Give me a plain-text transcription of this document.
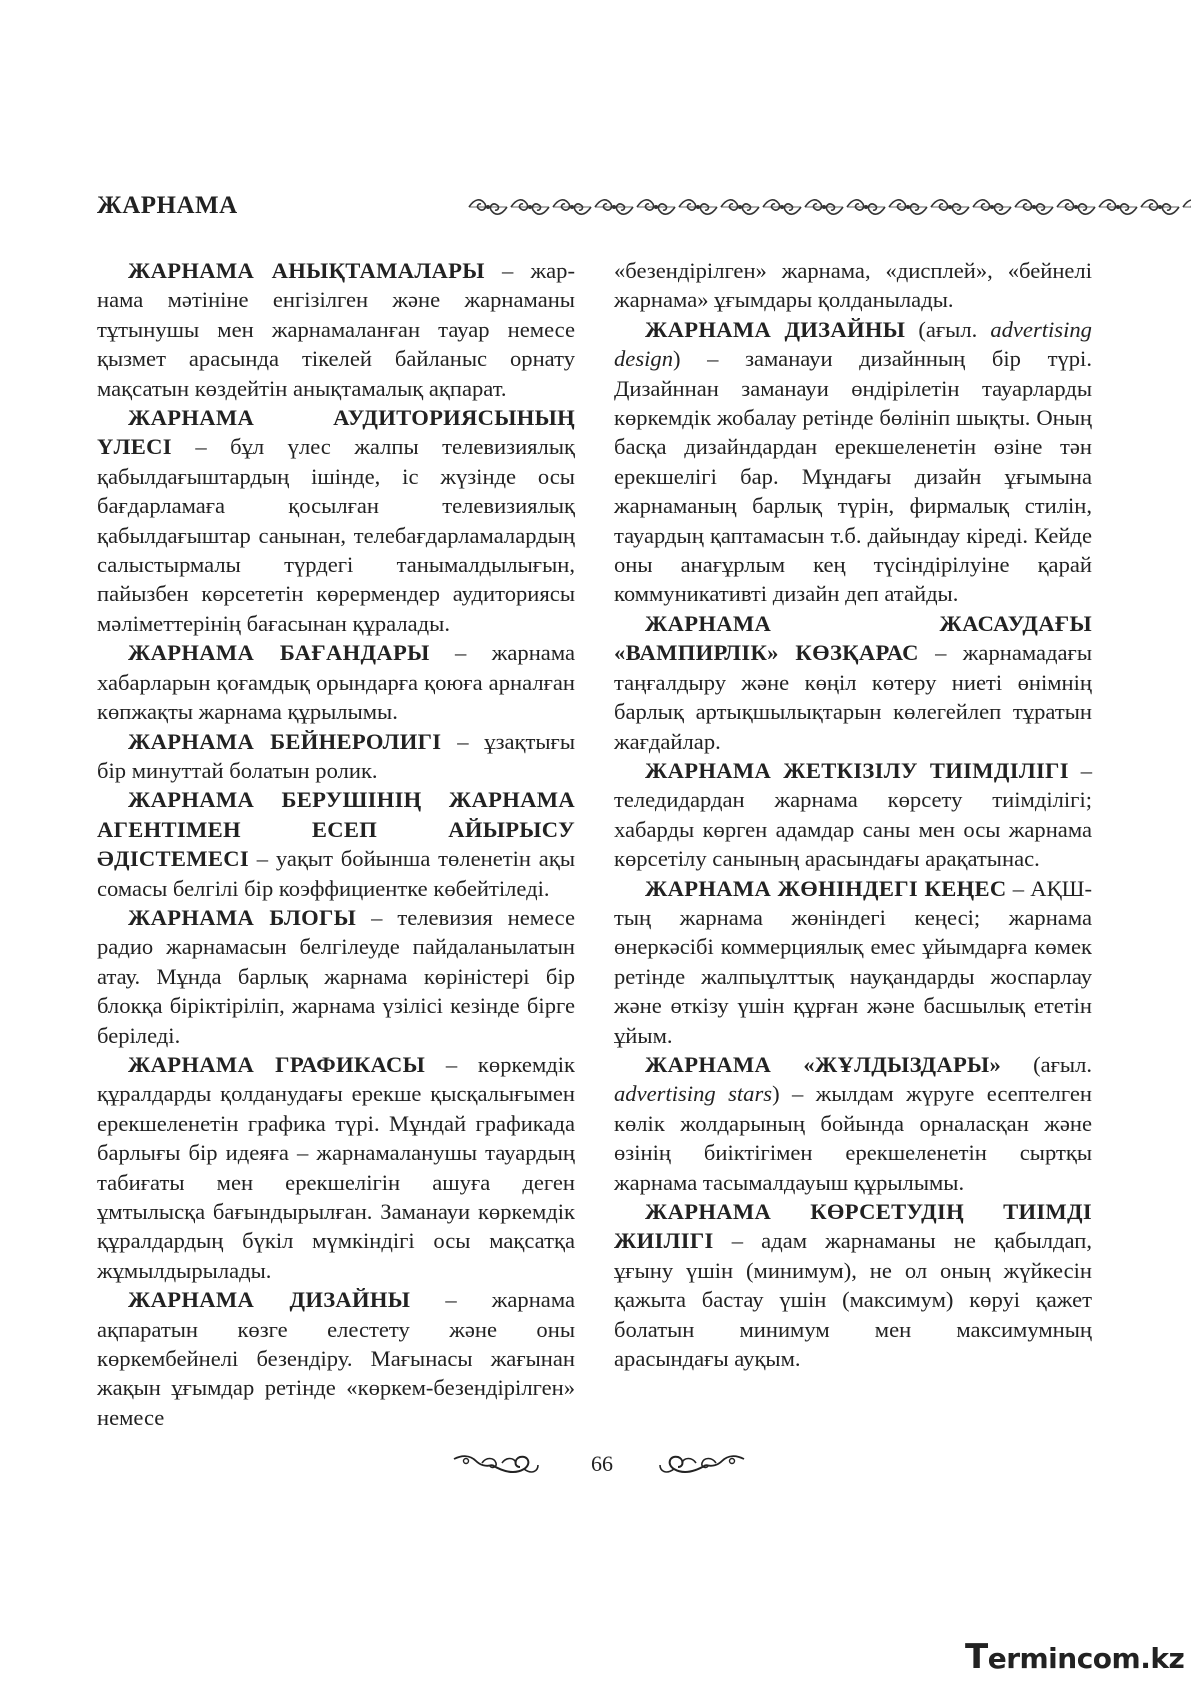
ЖАРНАМА

ЖАРНАМА АНЫҚТАМАЛАРЫ – жарнама мәтініне енгізілген және жарнаманы тұтынушы мен жарнамаланған тауар немесе қызмет арасында тікелей байланыс орнату мақсатын көздейтін анықтамалық ақпарат.

ЖАРНАМА АУДИТОРИЯСЫНЫҢ ҮЛЕСІ – бұл үлес жалпы телевизиялық қабылдағыштардың ішінде, іс жүзінде осы бағдарламаға қосылған телевизиялық қабылдағыштар санынан, телебағдарламалардың салыстырмалы түрдегі танымалдылығын, пайызбен көрсететін көрермендер аудиториясы мәліметтерінің бағасынан құралады.

ЖАРНАМА БАҒАНДАРЫ – жарнама хабарларын қоғамдық орындарға қоюға арналған көпжақты жарнама құрылымы.

ЖАРНАМА БЕЙНЕРОЛИГІ – ұзақтығы бір минуттай болатын ролик.

ЖАРНАМА БЕРУШІНІҢ ЖАРНАМА АГЕНТІМЕН ЕСЕП АЙЫРЫСУ ӘДІСТЕМЕСІ – уақыт бойынша төленетін ақы сомасы белгілі бір коэффициентке көбейтіледі.

ЖАРНАМА БЛОГЫ – телевизия немесе радио жарнамасын белгілеуде пайдаланылатын атау. Мұнда барлық жарнама көріністері бір блокқа біріктіріліп, жарнама үзілісі кезінде бірге беріледі.

ЖАРНАМА ГРАФИКАСЫ – көркемдік құралдарды қолданудағы ерекше қысқалығымен ерекшеленетін графика түрі. Мұндай графикада барлығы бір идеяға – жарнамаланушы тауардың табиғаты мен ерекшелігін ашуға деген ұмтылысқа бағындырылған. Заманауи көркемдік құралдардың бүкіл мүмкіндігі осы мақсатқа жұмылдырылады.

ЖАРНАМА ДИЗАЙНЫ – жарнама ақпаратын көзге елестету және оны көркембейнелі безендіру. Мағынасы жағынан жақын ұғымдар ретінде «көркем-безендірілген» немесе

«безендірілген» жарнама, «дисплей», «бейнелі жарнама» ұғымдары қолданылады.

ЖАРНАМА ДИЗАЙНЫ (ағыл. advertising design) – заманауи дизайнның бір түрі. Дизайннан заманауи өндірілетін тауарларды көркемдік жобалау ретінде бөлініп шықты. Оның басқа дизайндардан ерекшеленетін өзіне тән ерекшелігі бар. Мұндағы дизайн ұғымына жарнаманың барлық түрін, фирмалық стилін, тауардың қаптамасын т.б. дайындау кіреді. Кейде оны анағұрлым кең түсіндірілуіне қарай коммуникативті дизайн деп атайды.

ЖАРНАМА ЖАСАУДАҒЫ «ВАМПИРЛІК» КӨЗҚАРАС – жарнамадағы таңғалдыру және көңіл көтеру ниеті өнімнің барлық артықшылықтарын көлегейлеп тұратын жағдайлар.

ЖАРНАМА ЖЕТКІЗІЛУ ТИІМДІЛІГІ – теледидардан жарнама көрсету тиімділігі; хабарды көрген адамдар саны мен осы жарнама көрсетілу санының арасындағы арақатынас.

ЖАРНАМА ЖӨНІНДЕГІ КЕҢЕС – АҚШ-тың жарнама жөніндегі кеңесі; жарнама өнеркәсібі коммерциялық емес ұйымдарға көмек ретінде жалпыұлттық науқандарды жоспарлау және өткізу үшін құрған және басшылық ететін ұйым.

ЖАРНАМА «ЖҰЛДЫЗДАРЫ» (ағыл. advertising stars) – жылдам жүруге есептелген көлік жолдарының бойында орналасқан және өзінің биіктігімен ерекшеленетін сыртқы жарнама тасымалдауыш құрылымы.

ЖАРНАМА КӨРСЕТУДІҢ ТИІМДІ ЖИІЛІГІ – адам жарнаманы не қабылдап, ұғыну үшін (минимум), не ол оның жүйкесін қажыта бастау үшін (максимум) көруі қажет болатын минимум мен максимумның арасындағы ауқым.

66
Termincom.kz
